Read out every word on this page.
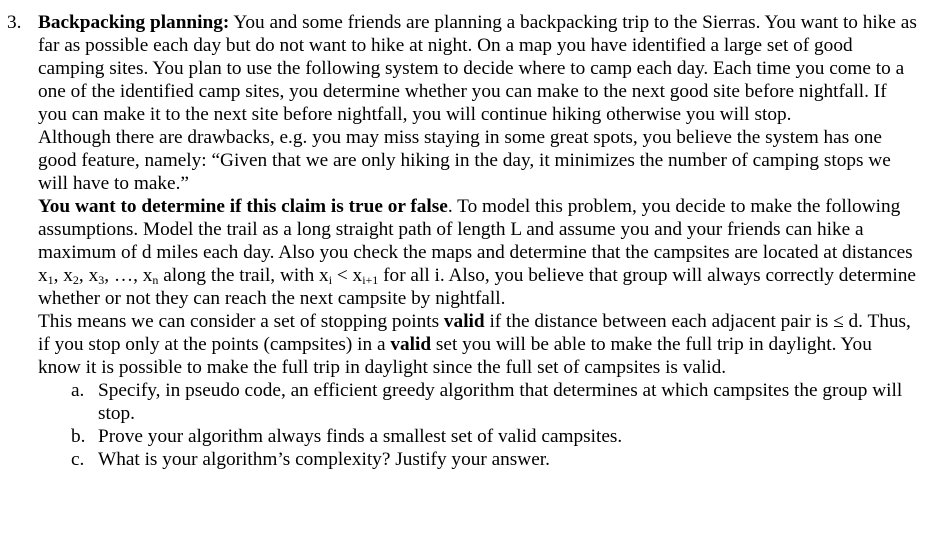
3. Backpacking planning: You and some friends are planning a backpacking trip to the Sierras. You want to hike as far as possible each day but do not want to hike at night. On a map you have identified a large set of good camping sites. You plan to use the following system to decide where to camp each day. Each time you come to a one of the identified camp sites, you determine whether you can make to the next good site before nightfall. If you can make it to the next site before nightfall, you will continue hiking otherwise you will stop.

Although there are drawbacks, e.g. you may miss staying in some great spots, you believe the system has one good feature, namely: “Given that we are only hiking in the day, it minimizes the number of camping stops we will have to make.”

You want to determine if this claim is true or false. To model this problem, you decide to make the following assumptions. Model the trail as a long straight path of length L and assume you and your friends can hike a maximum of d miles each day. Also you check the maps and determine that the campsites are located at distances $x_1$, $x_2$, $x_3$, …, $x_n$ along the trail, with $x_i < x_{i+1}$ for all i. Also, you believe that group will always correctly determine whether or not they can reach the next campsite by nightfall.

This means we can consider a set of stopping points valid if the distance between each adjacent pair is ≤ d. Thus, if you stop only at the points (campsites) in a valid set you will be able to make the full trip in daylight. You know it is possible to make the full trip in daylight since the full set of campsites is valid.

a. Specify, in pseudo code, an efficient greedy algorithm that determines at which campsites the group will stop.
b. Prove your algorithm always finds a smallest set of valid campsites.
c. What is your algorithm’s complexity? Justify your answer.
